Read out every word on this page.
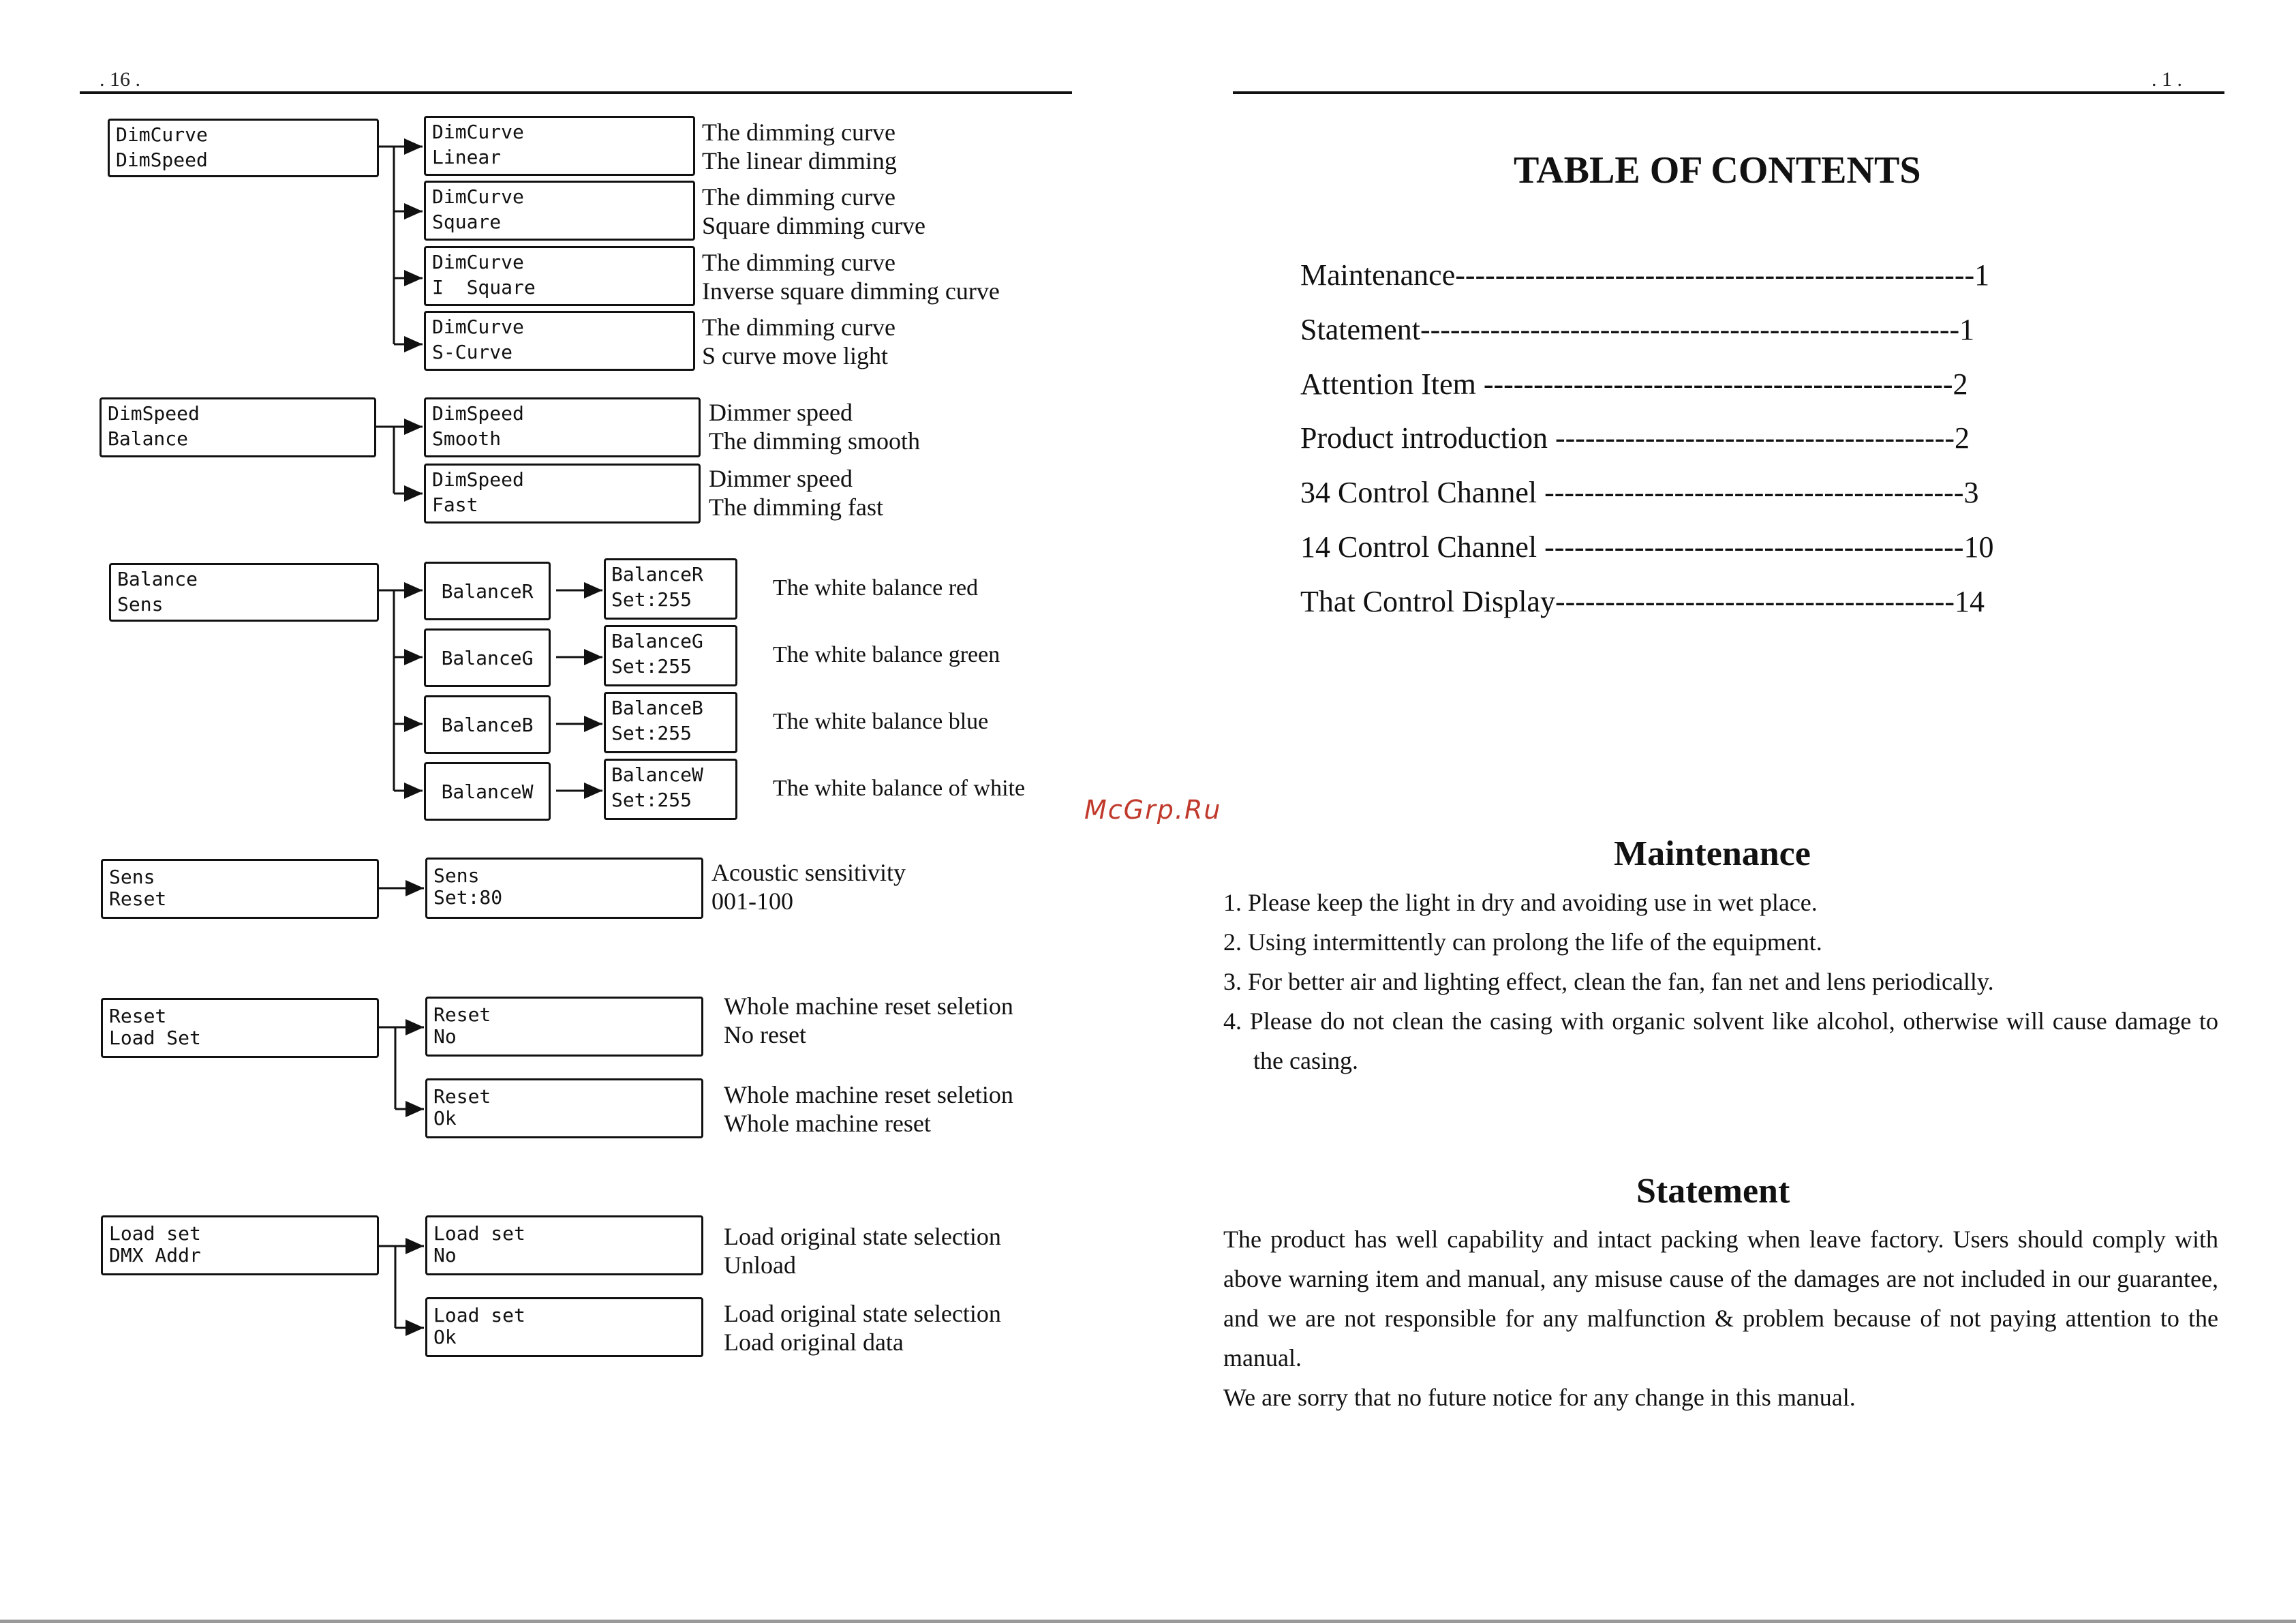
. 16 .
DimCurve
DimSpeed
DimCurve
Linear
The dimming curve
The linear dimming
DimCurve
Square
The dimming curve
Square dimming curve
DimCurve
I  Square
The dimming curve
Inverse square dimming curve
DimCurve
S-Curve
The dimming curve
S curve move light
DimSpeed
Balance
DimSpeed
Smooth
Dimmer speed
The dimming smooth
DimSpeed
Fast
Dimmer speed
The dimming fast
Balance
Sens
BalanceR
BalanceR
Set:255	The white balance red
BalanceG
BalanceG
Set:255	The white balance green
BalanceB
BalanceB
Set:255	The white balance blue
BalanceW
BalanceW
Set:255	The white balance of white
Sens
Reset
Sens
Set:80
Acoustic sensitivity
001-100
Reset
Load Set
Reset
No
Whole machine reset seletion
No reset
Reset
Ok
Whole machine reset seletion
Whole machine reset
Load set
DMX Addr
Load set
No
Load original state selection
Unload
Load set
Ok
Load original state selection
Load original data
McGrp.Ru
. 1 .
TABLE OF CONTENTS
Maintenance----------------------------------------------------1
Statement------------------------------------------------------1
Attention Item -----------------------------------------------2
Product introduction ----------------------------------------2
34 Control Channel ------------------------------------------3
14 Control Channel ------------------------------------------10
That Control Display----------------------------------------14
Maintenance
1. Please keep the light in dry and avoiding use in wet place.
2. Using intermittently can prolong the life of the equipment.
3. For better air and lighting effect, clean the fan, fan net and lens periodically.
4. Please do not clean the casing with organic solvent like alcohol, otherwise will cause damage to the casing.
Statement
The product has well capability and intact packing when leave factory. Users should comply with above warning item and manual, any misuse cause of the damages are not included in our guarantee, and we are not responsible for any malfunction & problem because of not paying attention to the manual.
We are sorry that no future notice for any change in this manual.
